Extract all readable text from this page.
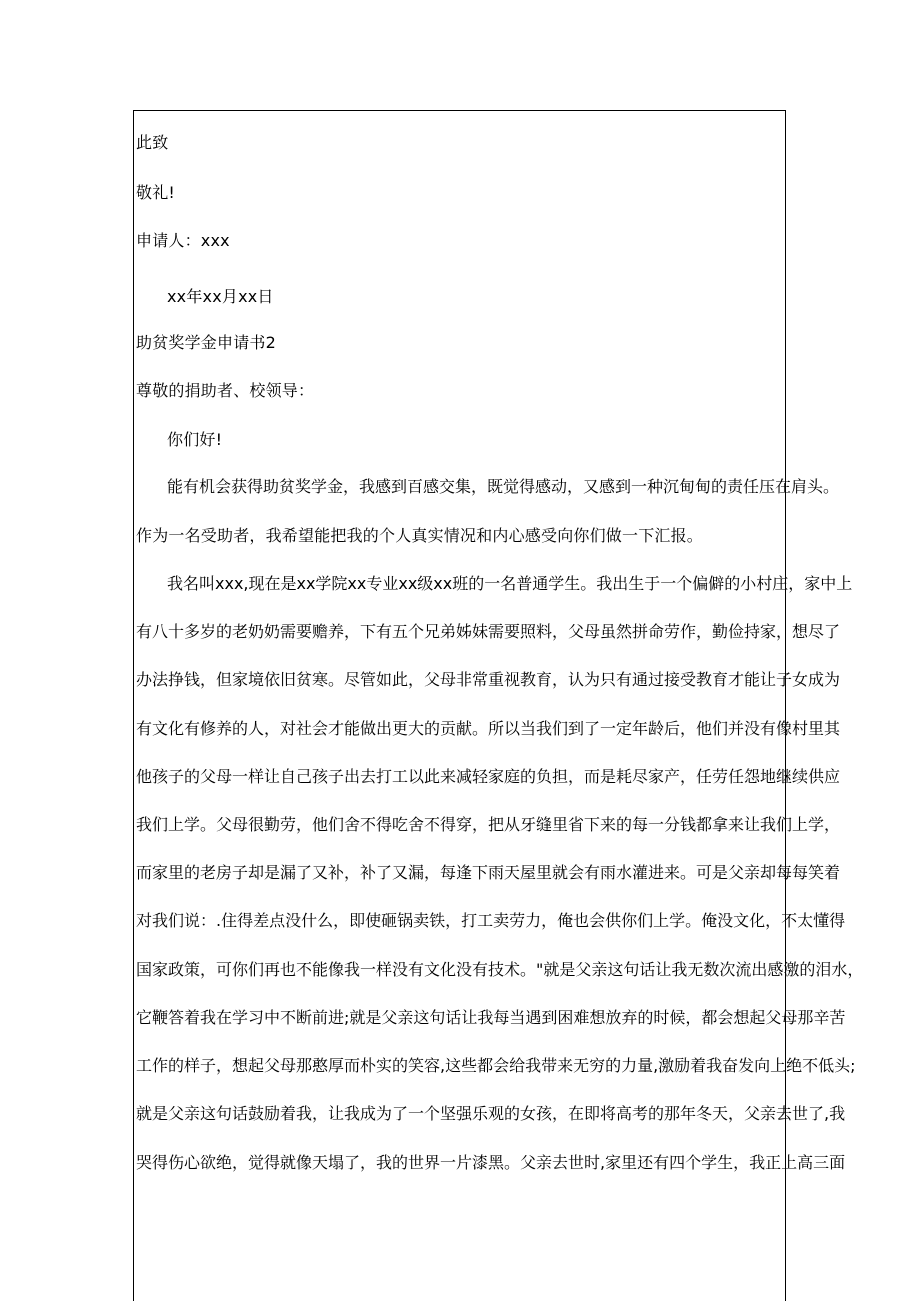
此致
敬礼!
申请人：xxx
xx年xx月xx日
助贫奖学金申请书2
尊敬的捐助者、校领导：
你们好!
能有机会获得助贫奖学金，我感到百感交集，既觉得感动，又感到一种沉甸甸的责任压在肩头。
作为一名受助者，我希望能把我的个人真实情况和内心感受向你们做一下汇报。
我名叫xxx,现在是xx学院xx专业xx级xx班的一名普通学生。我出生于一个偏僻的小村庄，家中上
有八十多岁的老奶奶需要赡养，下有五个兄弟姊妹需要照料，父母虽然拼命劳作，勤俭持家，想尽了
办法挣钱，但家境依旧贫寒。尽管如此，父母非常重视教育，认为只有通过接受教育才能让子女成为
有文化有修养的人，对社会才能做出更大的贡献。所以当我们到了一定年龄后，他们并没有像村里其
他孩子的父母一样让自己孩子出去打工以此来减轻家庭的负担，而是耗尽家产，任劳任怨地继续供应
我们上学。父母很勤劳，他们舍不得吃舍不得穿，把从牙缝里省下来的每一分钱都拿来让我们上学，
而家里的老房子却是漏了又补，补了又漏，每逢下雨天屋里就会有雨水灌进来。可是父亲却每每笑着
对我们说：.住得差点没什么，即使砸锅卖铁，打工卖劳力，俺也会供你们上学。俺没文化，不太懂得
国家政策，可你们再也不能像我一样没有文化没有技术。"就是父亲这句话让我无数次流出感激的泪水，
它鞭答着我在学习中不断前进;就是父亲这句话让我每当遇到困难想放弃的时候，都会想起父母那辛苦
工作的样子，想起父母那憨厚而朴实的笑容,这些都会给我带来无穷的力量,激励着我奋发向上绝不低头;
就是父亲这句话鼓励着我，让我成为了一个坚强乐观的女孩，在即将高考的那年冬天，父亲去世了,我
哭得伤心欲绝，觉得就像天塌了，我的世界一片漆黑。父亲去世时,家里还有四个学生，我正上高三面
